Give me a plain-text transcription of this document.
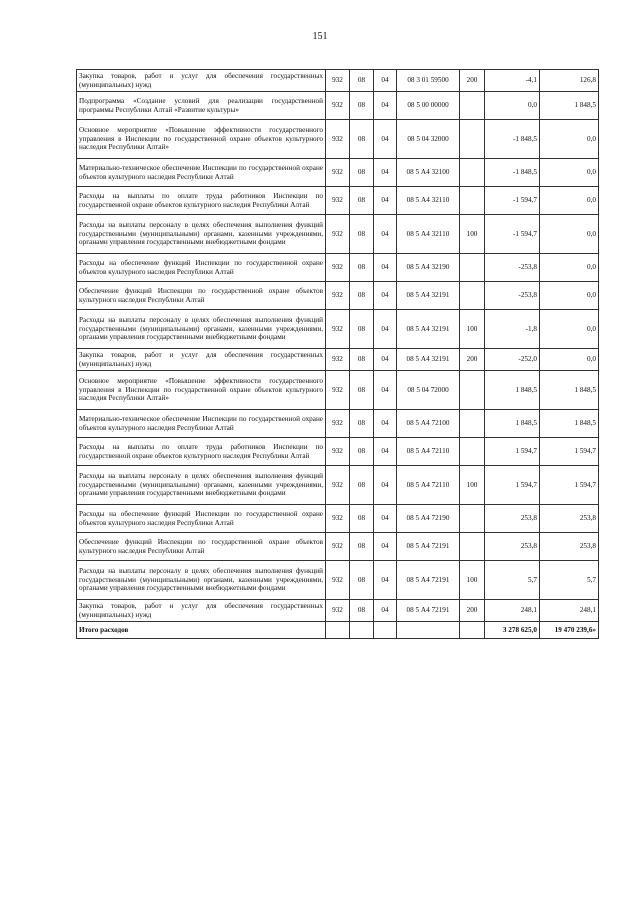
151
Закупка товаров, работ и услуг для обеспечения государственных (муниципальных) нужд	932	08	04	08 3 01 59500	200	-4,1	126,8
Подпрограмма «Создание условий для реализации государственной программы Республики Алтай «Развитие культуры»	932	08	04	08 5 00 00000		0,0	1 848,5
Основное мероприятие «Повышение эффективности государственного управления в Инспекции по государственной охране объектов культурного наследия Республики Алтай»	932	08	04	08 5 04 32000		-1 848,5	0,0
Материально-техническое обеспечение Инспекции по государственной охране объектов культурного наследия Республики Алтай	932	08	04	08 5 А4 32100		-1 848,5	0,0
Расходы на выплаты по оплате труда работников Инспекции по государственной охране объектов культурного наследия Республики Алтай	932	08	04	08 5 А4 32110		-1 594,7	0,0
Расходы на выплаты персоналу в целях обеспечения выполнения функций государственными (муниципальными) органами, казенными учреждениями, органами управления государственными внебюджетными фондами	932	08	04	08 5 А4 32110	100	-1 594,7	0,0
Расходы на обеспечение функций Инспекции по государственной охране объектов культурного наследия Республики Алтай	932	08	04	08 5 А4 32190		-253,8	0,0
Обеспечение функций Инспекции по государственной охране объектов культурного наследия Республики Алтай	932	08	04	08 5 А4 32191		-253,8	0,0
Расходы на выплаты персоналу в целях обеспечения выполнения функций государственными (муниципальными) органами, казенными учреждениями, органами управления государственными внебюджетными фондами	932	08	04	08 5 А4 32191	100	-1,8	0,0
Закупка товаров, работ и услуг для обеспечения государственных (муниципальных) нужд	932	08	04	08 5 А4 32191	200	-252,0	0,0
Основное мероприятие «Повышение эффективности государственного управления в Инспекции по государственной охране объектов культурного наследия Республики Алтай»	932	08	04	08 5 04 72000		1 848,5	1 848,5
Материально-техническое обеспечение Инспекции по государственной охране объектов культурного наследия Республики Алтай	932	08	04	08 5 А4 72100		1 848,5	1 848,5
Расходы на выплаты по оплате труда работников Инспекции по государственной охране объектов культурного наследия Республики Алтай	932	08	04	08 5 А4 72110		1 594,7	1 594,7
Расходы на выплаты персоналу в целях обеспечения выполнения функций государственными (муниципальными) органами, казенными учреждениями, органами управления государственными внебюджетными фондами	932	08	04	08 5 А4 72110	100	1 594,7	1 594,7
Расходы на обеспечение функций Инспекции по государственной охране объектов культурного наследия Республики Алтай	932	08	04	08 5 А4 72190		253,8	253,8
Обеспечение функций Инспекции по государственной охране объектов культурного наследия Республики Алтай	932	08	04	08 5 А4 72191		253,8	253,8
Расходы на выплаты персоналу в целях обеспечения выполнения функций государственными (муниципальными) органами, казенными учреждениями, органами управления государственными внебюджетными фондами	932	08	04	08 5 А4 72191	100	5,7	5,7
Закупка товаров, работ и услуг для обеспечения государственных (муниципальных) нужд	932	08	04	08 5 А4 72191	200	248,1	248,1
Итого расходов						3 278 625,0	19 470 239,6»
